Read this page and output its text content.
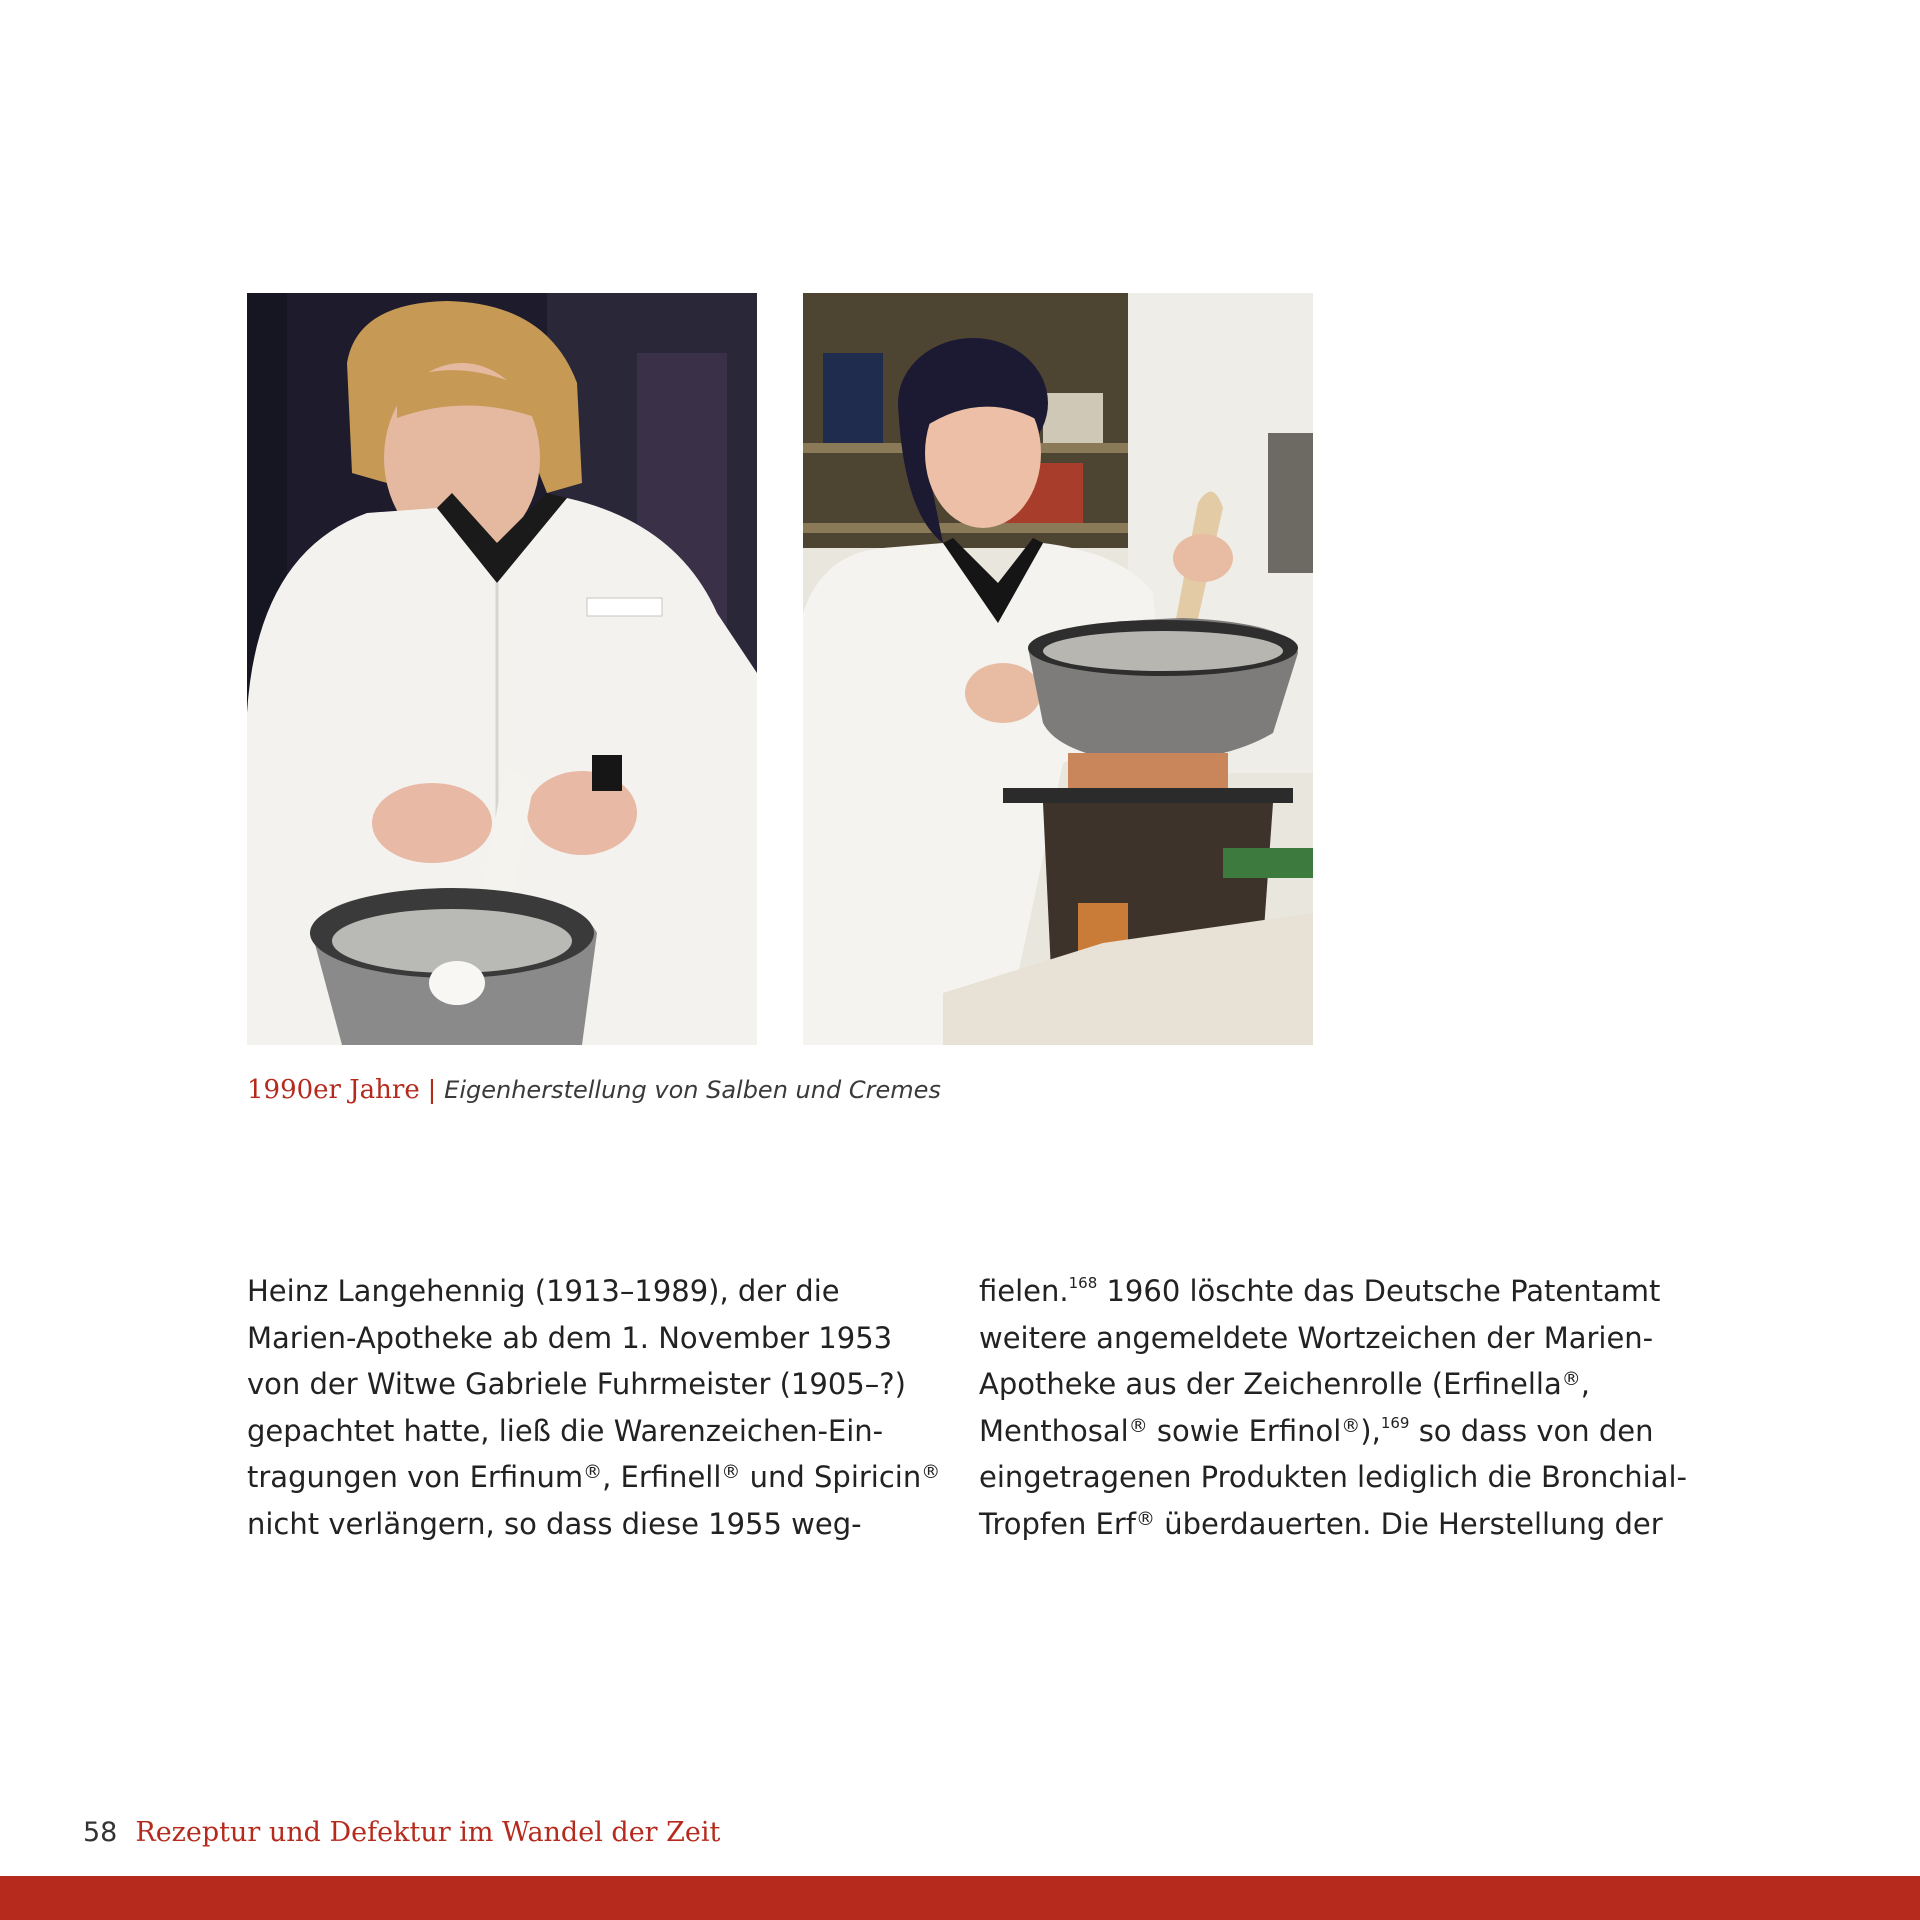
1990er Jahre | Eigenherstellung von Salben und Cremes
Heinz Langehennig (1913–1989), der die
Marien-Apotheke ab dem 1. November 1953
von der Witwe Gabriele Fuhrmeister (1905–?)
gepachtet hatte, ließ die Warenzeichen-Ein-
tragungen von Erfinum®, Erfinell® und Spiricin®
nicht verlängern, so dass diese 1955 weg-
fielen.$^{168}$ 1960 löschte das Deutsche Patentamt
weitere angemeldete Wortzeichen der Marien-
Apotheke aus der Zeichenrolle (Erfinella®,
Menthosal® sowie Erfinol®),$^{169}$ so dass von den
eingetragenen Produkten lediglich die Bronchial-
Tropfen Erf® überdauerten. Die Herstellung der
58 Rezeptur und Defektur im Wandel der Zeit
